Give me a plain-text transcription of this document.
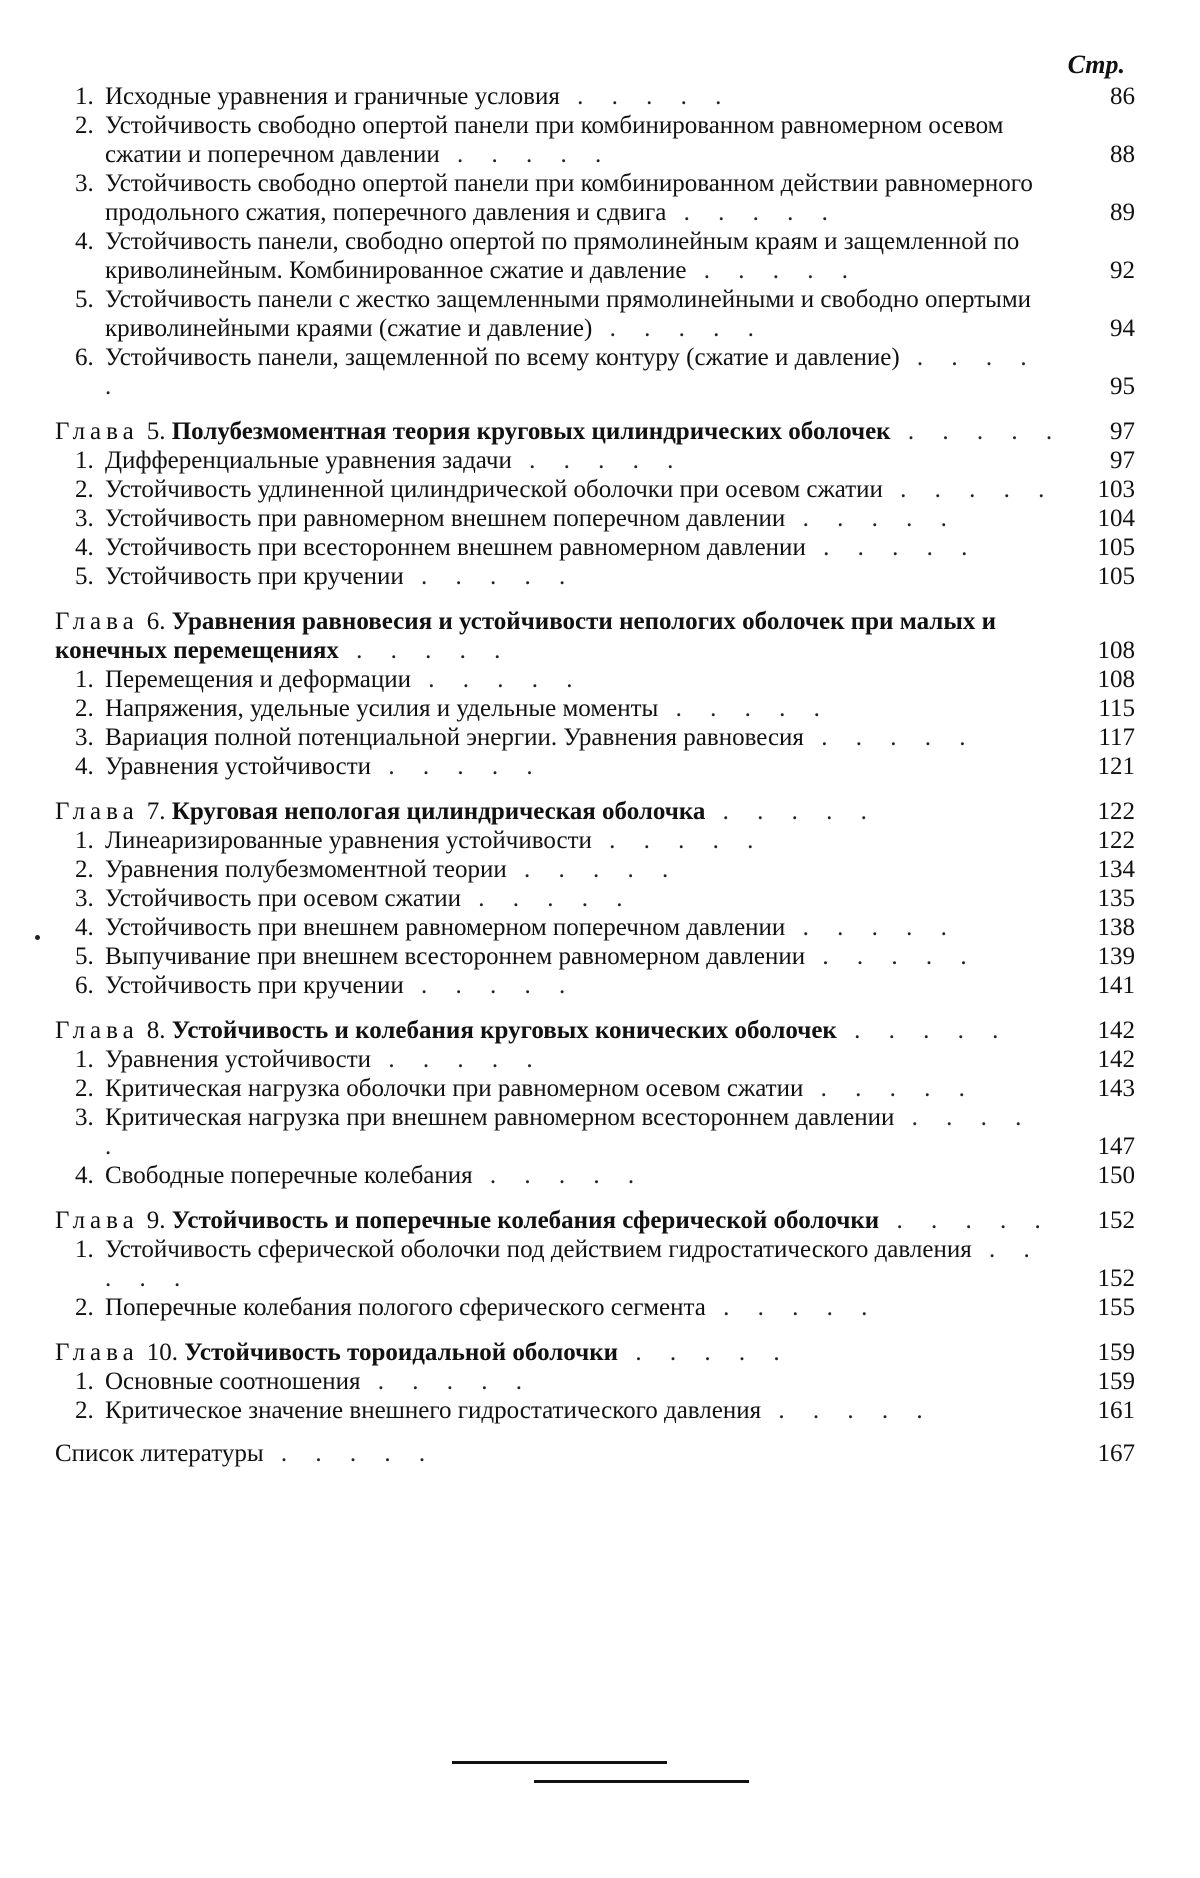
Стр.
1. Исходные уравнения и граничные условия . . . . .	86
2. Устойчивость свободно опертой панели при комбинированном равномерном осевом сжатии и поперечном давлении . . . . .	88
3. Устойчивость свободно опертой панели при комбинированном действии равномерного продольного сжатия, поперечного давления и сдвига . . . . .	89
4. Устойчивость панели, свободно опертой по прямолинейным краям и защемленной по криволинейным. Комбинированное сжатие и давление . . . . .	92
5. Устойчивость панели с жестко защемленными прямолинейными и свободно опертыми криволинейными краями (сжатие и давление) . . . . .	94
6. Устойчивость панели, защемленной по всему контуру (сжатие и давление) . . . . .	95
Глава 5. Полубезмоментная теория круговых цилиндрических оболочек . . . . .	97
1. Дифференциальные уравнения задачи . . . . .	97
2. Устойчивость удлиненной цилиндрической оболочки при осевом сжатии . . . . .	103
3. Устойчивость при равномерном внешнем поперечном давлении . . . . .	104
4. Устойчивость при всестороннем внешнем равномерном давлении . . . . .	105
5. Устойчивость при кручении . . . . .	105
Глава 6. Уравнения равновесия и устойчивости непологих оболочек при малых и конечных перемещениях . . . . .	108
1. Перемещения и деформации . . . . .	108
2. Напряжения, удельные усилия и удельные моменты . . . . .	115
3. Вариация полной потенциальной энергии. Уравнения равновесия . . . . .	117
4. Уравнения устойчивости . . . . .	121
Глава 7. Круговая непологая цилиндрическая оболочка . . . . .	122
1. Линеаризированные уравнения устойчивости . . . . .	122
2. Уравнения полубезмоментной теории . . . . .	134
3. Устойчивость при осевом сжатии . . . . .	135
4. Устойчивость при внешнем равномерном поперечном давлении . . . . .	138
5. Выпучивание при внешнем всестороннем равномерном давлении . . . . .	139
6. Устойчивость при кручении . . . . .	141
Глава 8. Устойчивость и колебания круговых конических оболочек . . . . .	142
1. Уравнения устойчивости . . . . .	142
2. Критическая нагрузка оболочки при равномерном осевом сжатии . . . . .	143
3. Критическая нагрузка при внешнем равномерном всестороннем давлении . . . . .	147
4. Свободные поперечные колебания . . . . .	150
Глава 9. Устойчивость и поперечные колебания сферической оболочки . . . . .	152
1. Устойчивость сферической оболочки под действием гидростатического давления . . . . .	152
2. Поперечные колебания пологого сферического сегмента . . . . .	155
Глава 10. Устойчивость тороидальной оболочки . . . . .	159
1. Основные соотношения . . . . .	159
2. Критическое значение внешнего гидростатического давления . . . . .	161
Список литературы . . . . .	167
